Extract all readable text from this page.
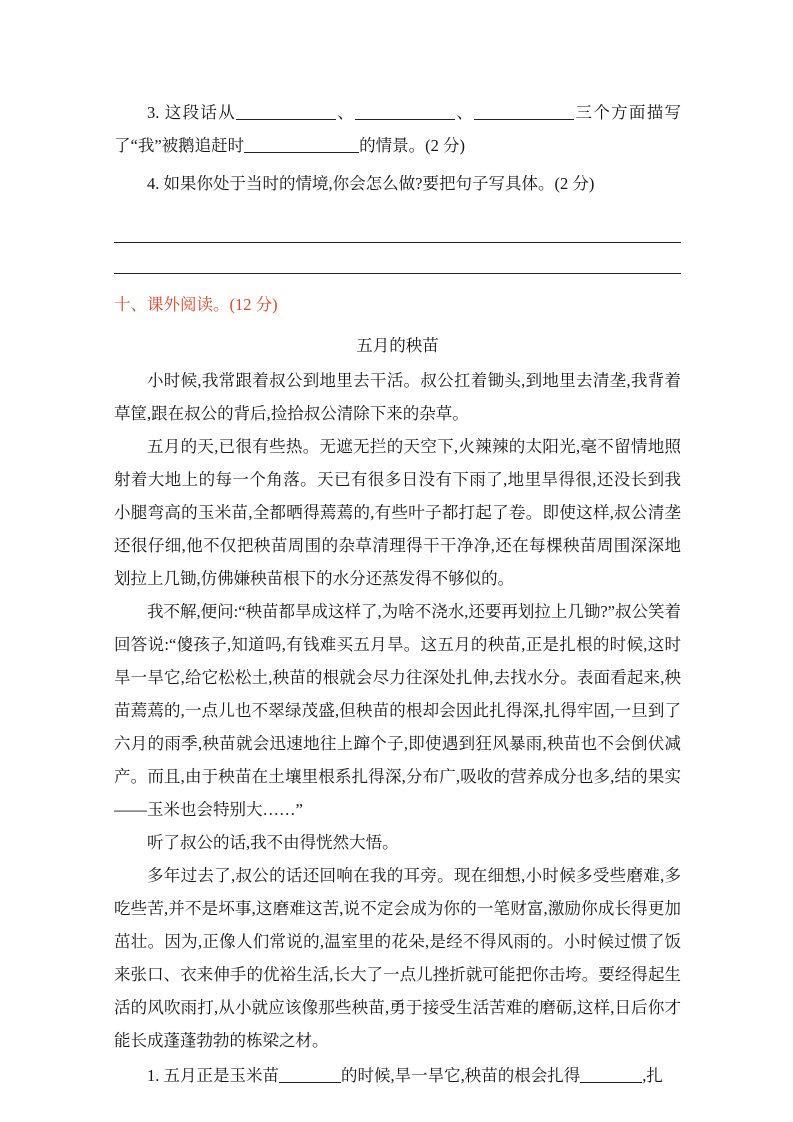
3. 这段话从	、	、	三个方面描写了“我”被鹅追赶时	的情景。(2 分)
4. 如果你处于当时的情境,你会怎么做?要把句子写具体。(2 分)
十、课外阅读。(12 分)
五月的秧苗

小时候,我常跟着叔公到地里去干活。叔公扛着锄头,到地里去清垄,我背着草筐,跟在叔公的背后,捡拾叔公清除下来的杂草。

五月的天,已很有些热。无遮无拦的天空下,火辣辣的太阳光,毫不留情地照射着大地上的每一个角落。天已有很多日没有下雨了,地里旱得很,还没长到我小腿弯高的玉米苗,全都晒得蔫蔫的,有些叶子都打起了卷。即使这样,叔公清垄还很仔细,他不仅把秧苗周围的杂草清理得干干净净,还在每棵秧苗周围深深地划拉上几锄,仿佛嫌秧苗根下的水分还蒸发得不够似的。

我不解,便问:“秧苗都旱成这样了,为啥不浇水,还要再划拉上几锄?”叔公笑着回答说:“傻孩子,知道吗,有钱难买五月旱。这五月的秧苗,正是扎根的时候,这时旱一旱它,给它松松土,秧苗的根就会尽力往深处扎伸,去找水分。表面看起来,秧苗蔫蔫的,一点儿也不翠绿茂盛,但秧苗的根却会因此扎得深,扎得牢固,一旦到了六月的雨季,秧苗就会迅速地往上蹿个子,即使遇到狂风暴雨,秧苗也不会倒伏减产。而且,由于秧苗在土壤里根系扎得深,分布广,吸收的营养成分也多,结的果实——玉米也会特别大……”

听了叔公的话,我不由得恍然大悟。

多年过去了,叔公的话还回响在我的耳旁。现在细想,小时候多受些磨难,多吃些苦,并不是坏事,这磨难这苦,说不定会成为你的一笔财富,激励你成长得更加茁壮。因为,正像人们常说的,温室里的花朵,是经不得风雨的。小时候过惯了饭来张口、衣来伸手的优裕生活,长大了一点儿挫折就可能把你击垮。要经得起生活的风吹雨打,从小就应该像那些秧苗,勇于接受生活苦难的磨砺,这样,日后你才能长成蓬蓬勃勃的栋梁之材。

1. 五月正是玉米苗	的时候,旱一旱它,秧苗的根会扎得	,扎
